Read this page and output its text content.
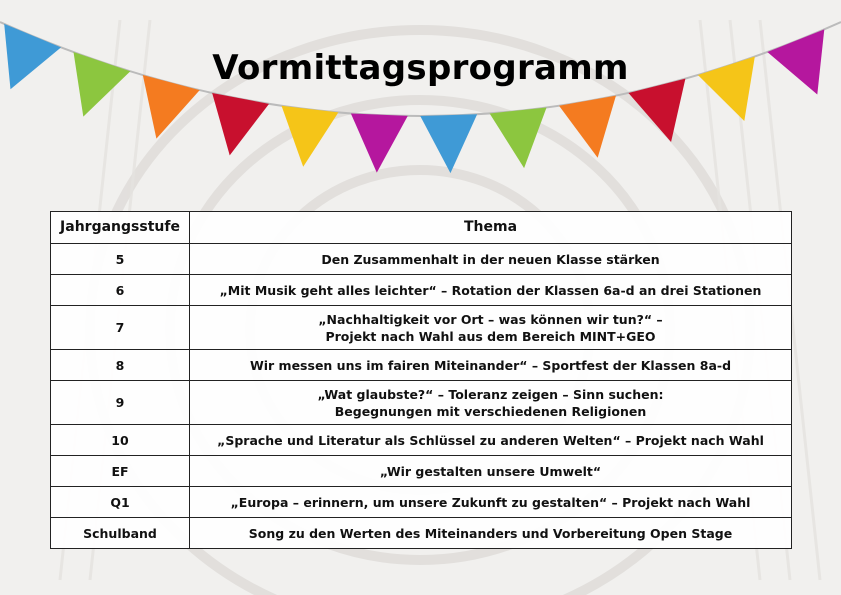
Vormittagsprogramm
Jahrgangsstufe	Thema
5	Den Zusammenhalt in der neuen Klasse stärken

6	„Mit Musik geht alles leichter“ – Rotation der Klassen 6a-d an drei Stationen

7	„Nachhaltigkeit vor Ort – was können wir tun?“ –
Projekt nach Wahl aus dem Bereich MINT+GEO

8	Wir messen uns im fairen Miteinander“ – Sportfest der Klassen 8a-d

9	„Wat glaubste?“ – Toleranz zeigen – Sinn suchen:
Begegnungen mit verschiedenen Religionen

10	„Sprache und Literatur als Schlüssel zu anderen Welten“ – Projekt nach Wahl

EF	„Wir gestalten unsere Umwelt“

Q1	„Europa – erinnern, um unsere Zukunft zu gestalten“ – Projekt nach Wahl

Schulband	Song zu den Werten des Miteinanders und Vorbereitung Open Stage
